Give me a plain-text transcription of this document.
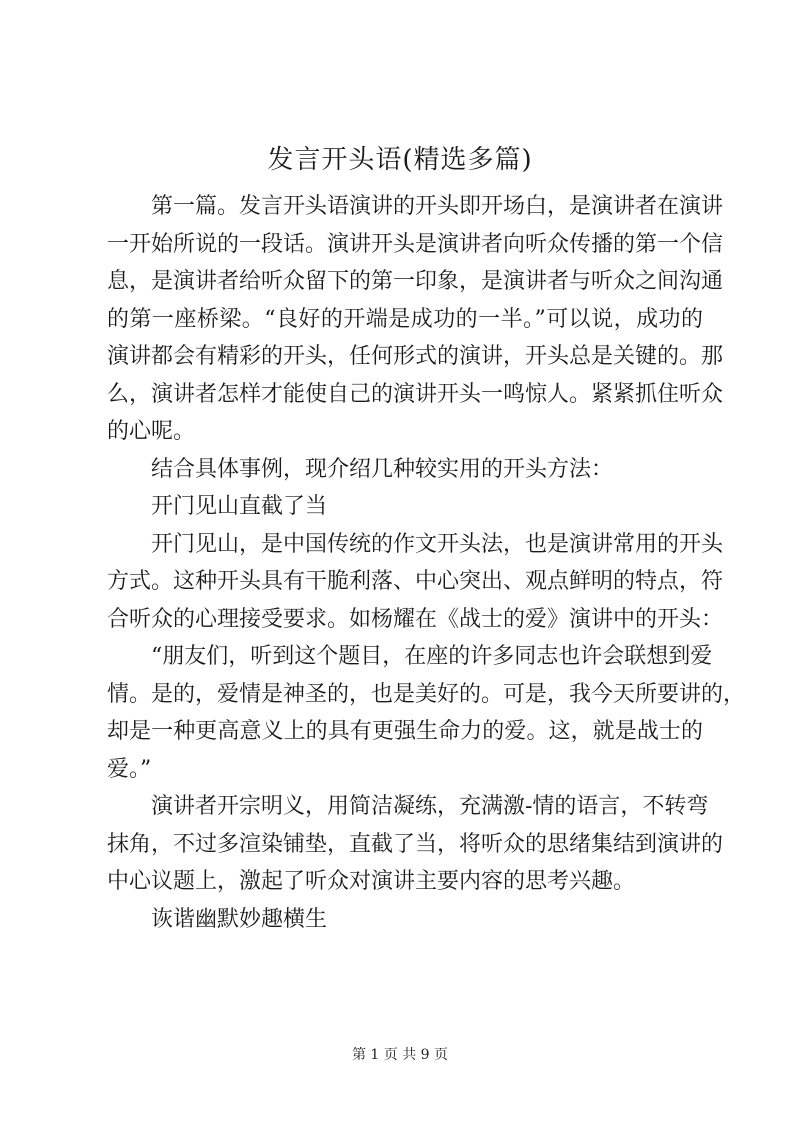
发言开头语(精选多篇)
第一篇。发言开头语演讲的开头即开场白，是演讲者在演讲
一开始所说的一段话。演讲开头是演讲者向听众传播的第一个信
息，是演讲者给听众留下的第一印象，是演讲者与听众之间沟通
的第一座桥梁。“良好的开端是成功的一半。”可以说，成功的
演讲都会有精彩的开头，任何形式的演讲，开头总是关键的。那
么，演讲者怎样才能使自己的演讲开头一鸣惊人。紧紧抓住听众
的心呢。
结合具体事例，现介绍几种较实用的开头方法：
开门见山直截了当
开门见山，是中国传统的作文开头法，也是演讲常用的开头
方式。这种开头具有干脆利落、中心突出、观点鲜明的特点，符
合听众的心理接受要求。如杨耀在《战士的爱》演讲中的开头：
“朋友们，听到这个题目，在座的许多同志也许会联想到爱
情。是的，爱情是神圣的，也是美好的。可是，我今天所要讲的，
却是一种更高意义上的具有更强生命力的爱。这，就是战士的
爱。”
演讲者开宗明义，用简洁凝练，充满激-情的语言，不转弯
抹角，不过多渲染铺垫，直截了当，将听众的思绪集结到演讲的
中心议题上，激起了听众对演讲主要内容的思考兴趣。
诙谐幽默妙趣横生
第 1 页 共 9 页
